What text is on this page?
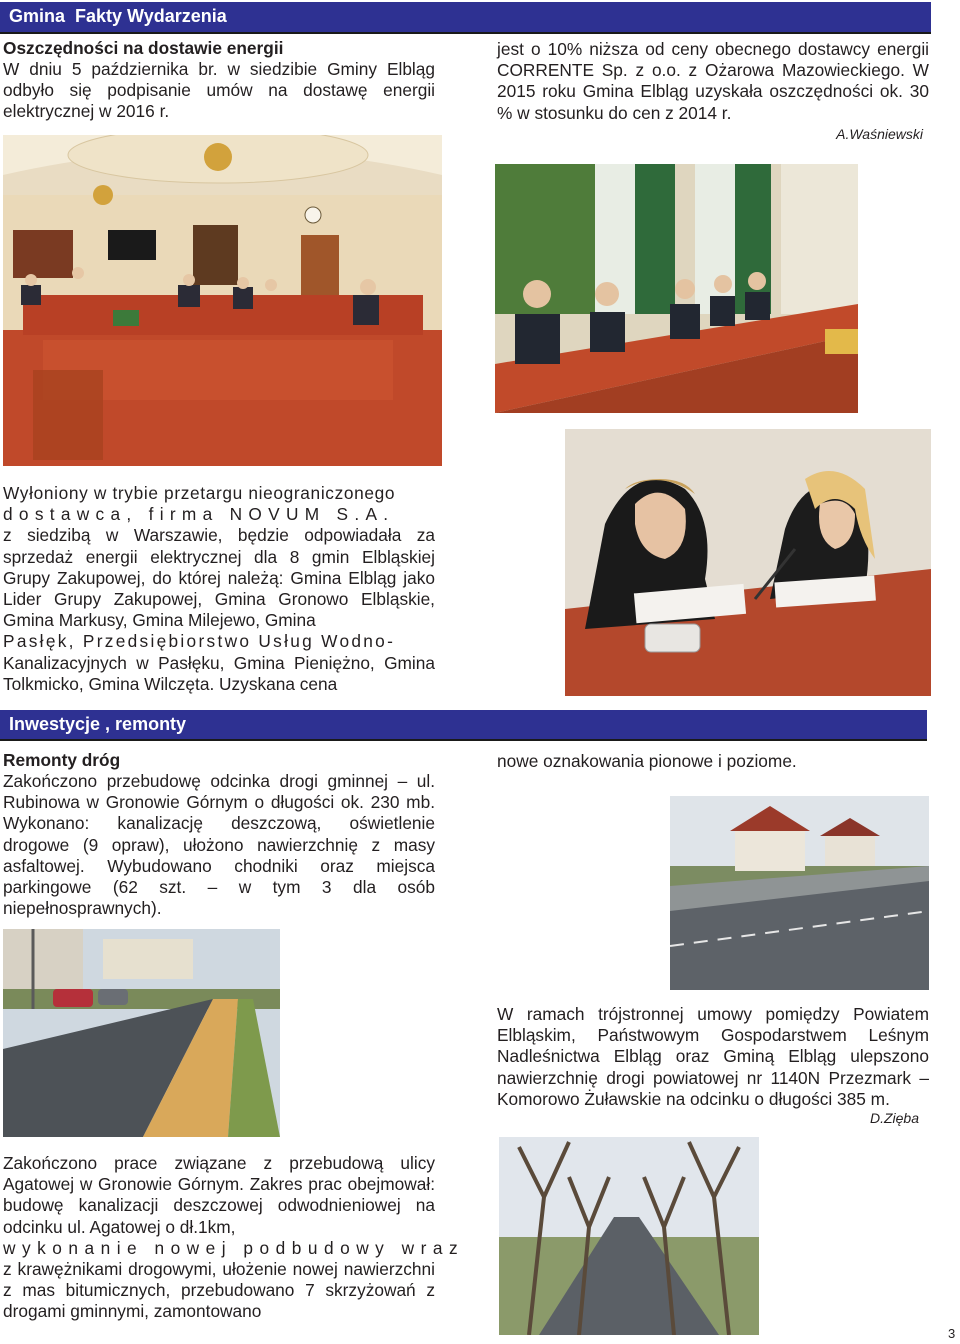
Gmina  Fakty Wydarzenia

Oszczędności na dostawie energii

W dniu 5 października br. w siedzibie Gminy Elbląg odbyło się podpisanie umów na dostawę energii elektrycznej w 2016 r.

jest o 10% niższa od ceny obecnego dostawcy energii CORRENTE Sp. z o.o. z Ożarowa Mazowieckiego. W 2015 roku Gmina Elbląg uzyskała oszczędności ok. 30 % w stosunku do cen z 2014 r.

A.Waśniewski
Wyłoniony w trybie przetargu nieograniczonego
dostawca, firma NOVUM S.A.

z siedzibą w Warszawie, będzie odpowiadała za sprzedaż energii elektrycznej dla 8 gmin Elbląskiej Grupy Zakupowej, do której należą: Gmina Elbląg jako Lider Grupy Zakupowej, Gmina Gronowo Elbląskie, Gmina Markusy, Gmina Milejewo, Gmina

Pasłęk, Przedsiębiorstwo Usług Wodno-

Kanalizacyjnych w Pasłęku, Gmina Pieniężno, Gmina Tolkmicko, Gmina Wilczęta. Uzyskana cena

Inwestycje , remonty

Remonty dróg

Zakończono przebudowę odcinka drogi gminnej – ul. Rubinowa w Gronowie Górnym o długości ok. 230 mb. Wykonano: kanalizację deszczową, oświetlenie drogowe (9 opraw), ułożono nawierzchnię z masy asfaltowej. Wybudowano chodniki oraz miejsca parkingowe (62 szt. – w tym 3 dla osób niepełnosprawnych).

nowe oznakowania pionowe i poziome.

W ramach trójstronnej umowy pomiędzy Powiatem Elbląskim, Państwowym Gospodarstwem Leśnym Nadleśnictwa Elbląg oraz Gminą Elbląg ulepszono nawierzchnię drogi powiatowej nr 1140N Przezmark – Komorowo Żuławskie na odcinku o długości 385 m.

D.Zięba

Zakończono prace związane z przebudową ulicy Agatowej w Gronowie Górnym. Zakres prac obejmował: budowę kanalizacji deszczowej odwodnieniowej na odcinku ul. Agatowej o dł.1km,

wykonanie nowej podbudowy wraz

z krawężnikami drogowymi, ułożenie nowej nawierzchni z mas bitumicznych, przebudowano 7 skrzyżowań z drogami gminnymi, zamontowano

3
